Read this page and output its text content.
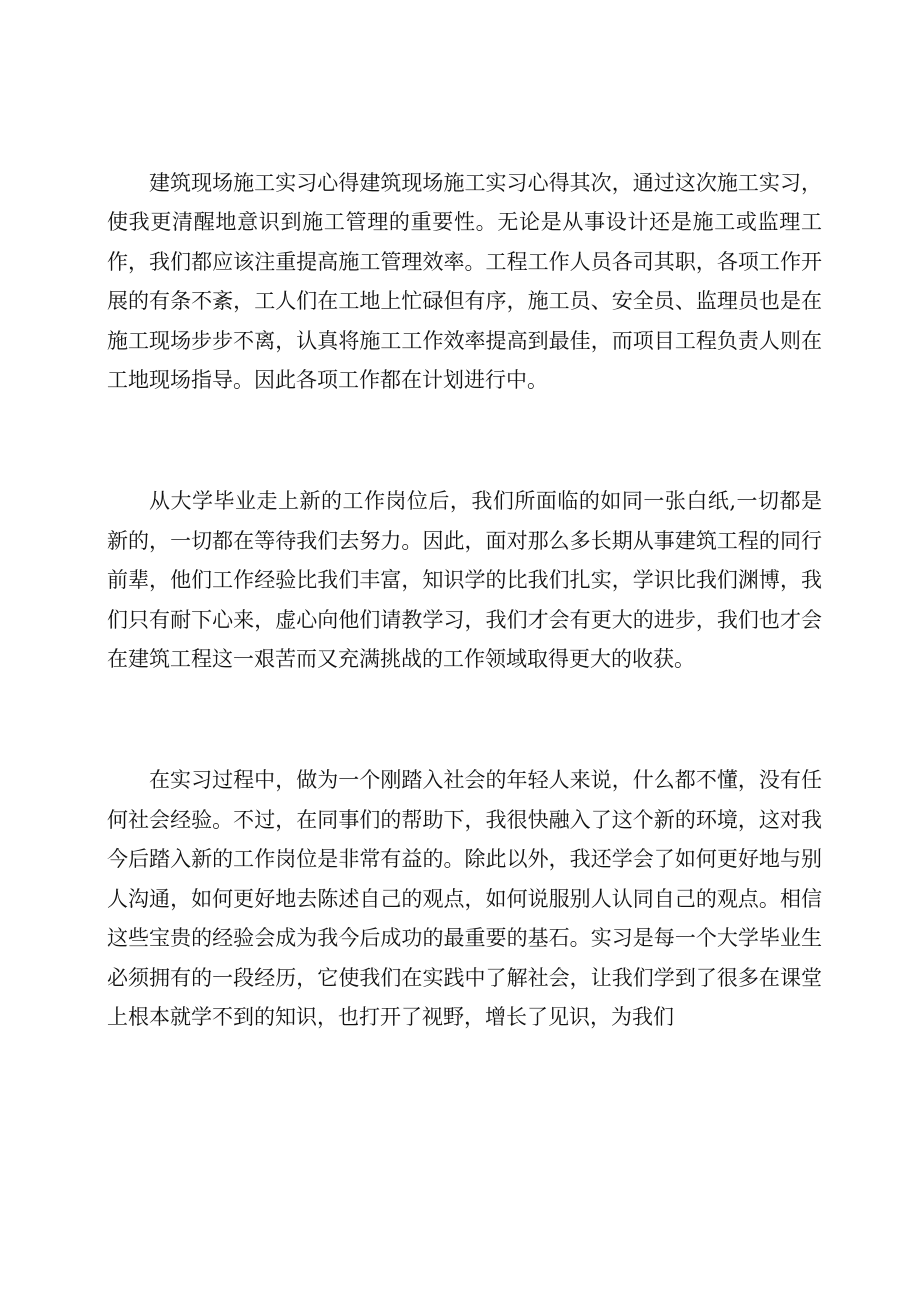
建筑现场施工实习心得建筑现场施工实习心得其次，通过这次施工实习，使我更清醒地意识到施工管理的重要性。无论是从事设计还是施工或监理工作，我们都应该注重提高施工管理效率。工程工作人员各司其职，各项工作开展的有条不紊，工人们在工地上忙碌但有序，施工员、安全员、监理员也是在施工现场步步不离，认真将施工工作效率提高到最佳，而项目工程负责人则在工地现场指导。因此各项工作都在计划进行中。

从大学毕业走上新的工作岗位后，我们所面临的如同一张白纸,一切都是新的，一切都在等待我们去努力。因此，面对那么多长期从事建筑工程的同行前辈，他们工作经验比我们丰富，知识学的比我们扎实，学识比我们渊博，我们只有耐下心来，虚心向他们请教学习，我们才会有更大的进步，我们也才会在建筑工程这一艰苦而又充满挑战的工作领域取得更大的收获。

在实习过程中，做为一个刚踏入社会的年轻人来说，什么都不懂，没有任何社会经验。不过，在同事们的帮助下，我很快融入了这个新的环境，这对我今后踏入新的工作岗位是非常有益的。除此以外，我还学会了如何更好地与别人沟通，如何更好地去陈述自己的观点，如何说服别人认同自己的观点。相信这些宝贵的经验会成为我今后成功的最重要的基石。实习是每一个大学毕业生必须拥有的一段经历，它使我们在实践中了解社会，让我们学到了很多在课堂上根本就学不到的知识，也打开了视野，增长了见识，为我们
